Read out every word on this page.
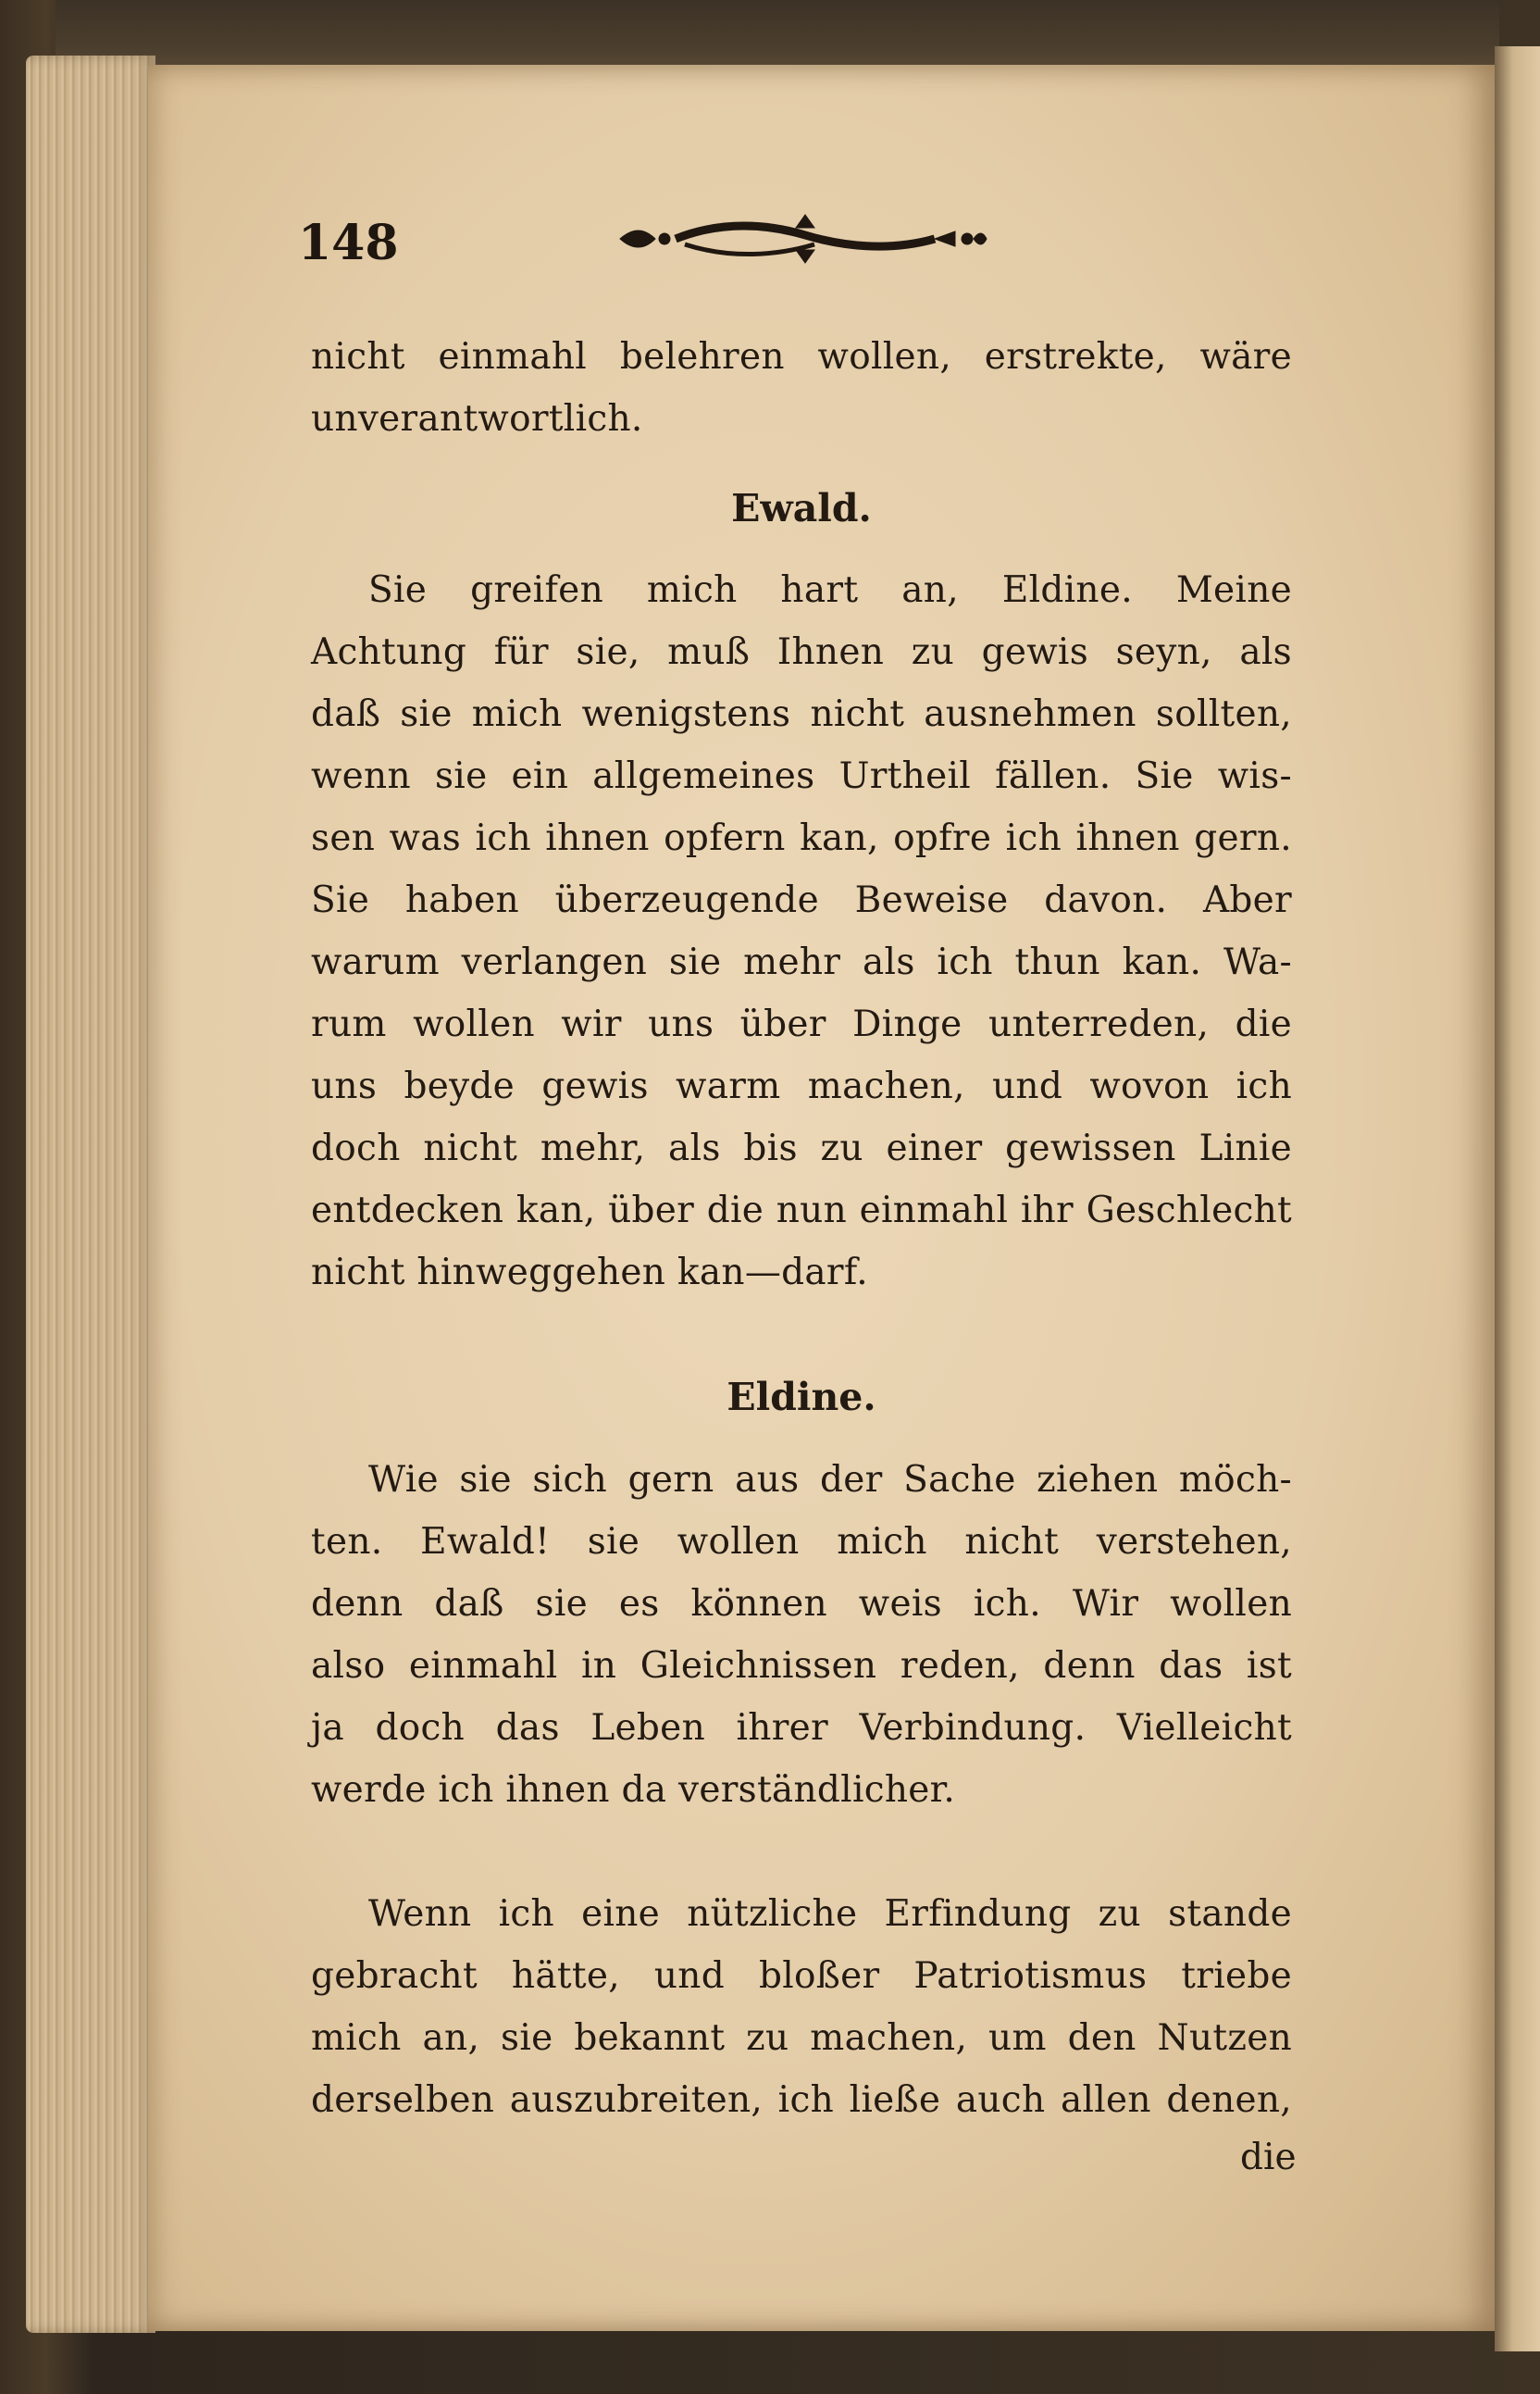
148
nicht einmahl belehren wollen, erstrekte, wäre
unverantwortlich.
Ewald.
Sie greifen mich hart an, Eldine. Meine
Achtung für sie, muß Ihnen zu gewis seyn, als
daß sie mich wenigstens nicht ausnehmen sollten,
wenn sie ein allgemeines Urtheil fällen. Sie wis-
sen was ich ihnen opfern kan, opfre ich ihnen gern.
Sie haben überzeugende Beweise davon. Aber
warum verlangen sie mehr als ich thun kan. Wa-
rum wollen wir uns über Dinge unterreden, die
uns beyde gewis warm machen, und wovon ich
doch nicht mehr, als bis zu einer gewissen Linie
entdecken kan, über die nun einmahl ihr Geschlecht
nicht hinweggehen kan—darf.
Eldine.
Wie sie sich gern aus der Sache ziehen möch-
ten. Ewald! sie wollen mich nicht verstehen,
denn daß sie es können weis ich. Wir wollen
also einmahl in Gleichnissen reden, denn das ist
ja doch das Leben ihrer Verbindung. Vielleicht
werde ich ihnen da verständlicher.
Wenn ich eine nützliche Erfindung zu stande
gebracht hätte, und bloßer Patriotismus triebe
mich an, sie bekannt zu machen, um den Nutzen
derselben auszubreiten, ich ließe auch allen denen,
die
